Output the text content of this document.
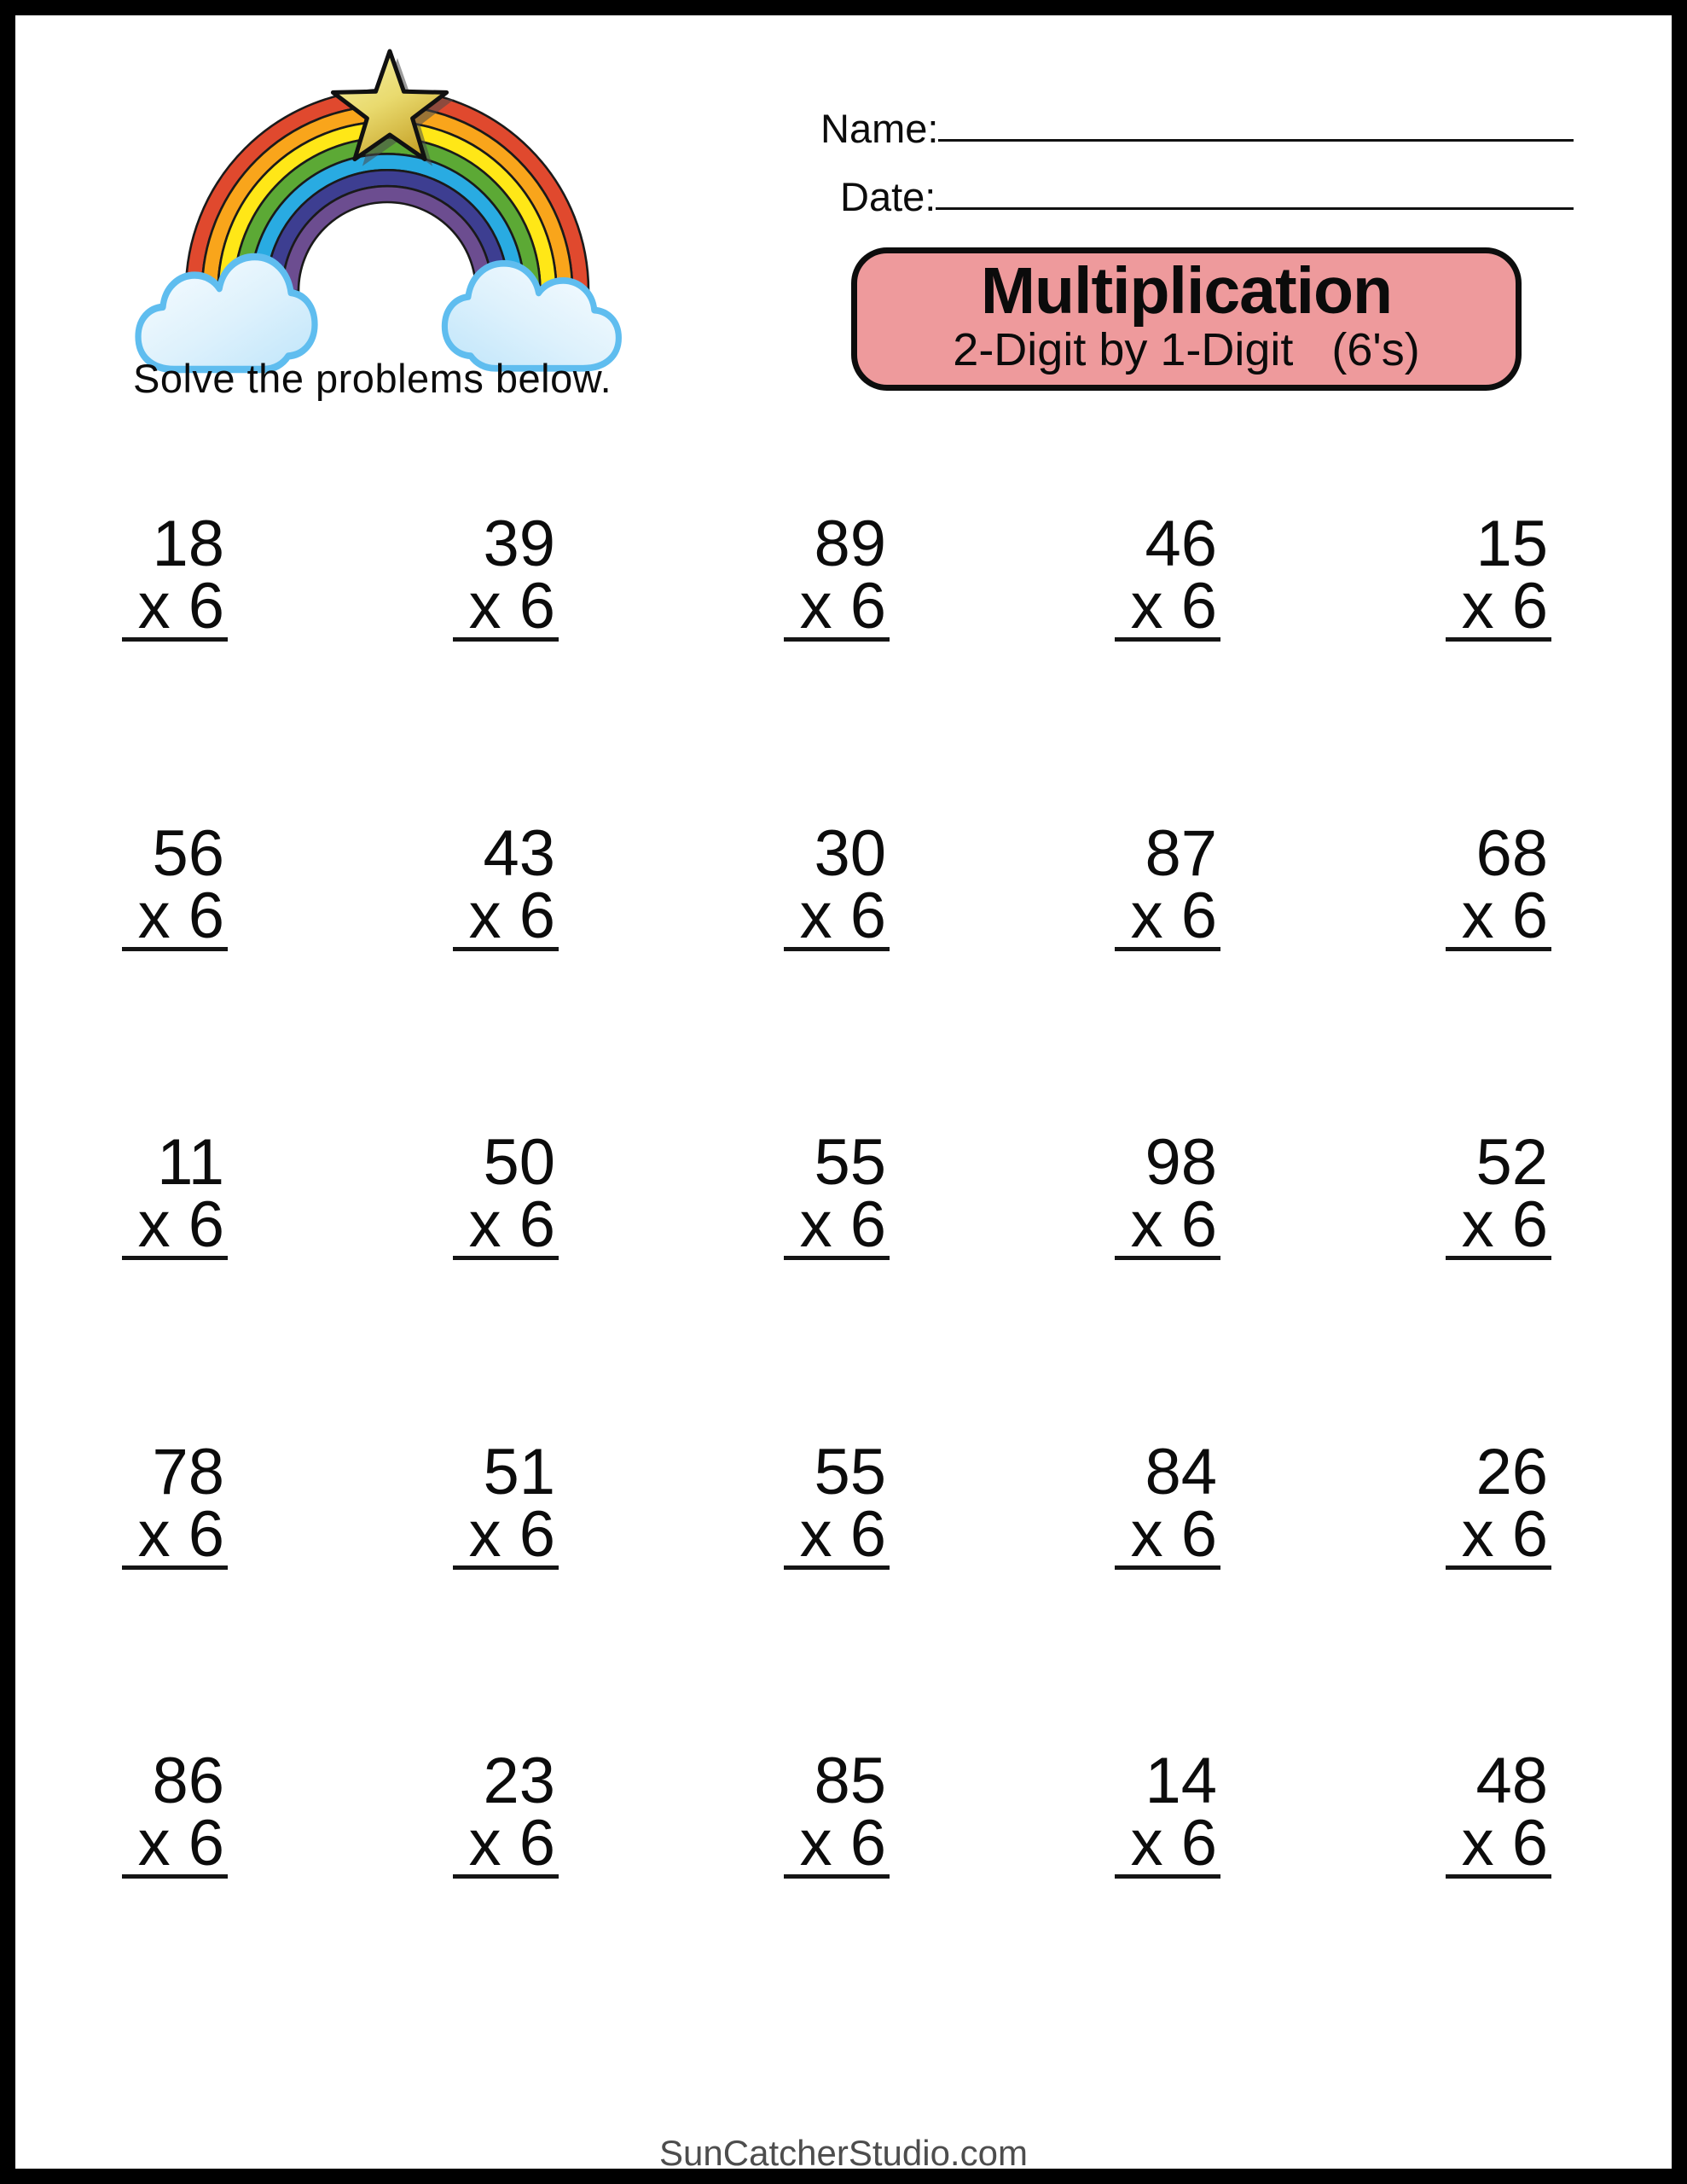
Solve the problems below.
Name:
Date:
Multiplication
2-Digit by 1-Digit   (6's)
18
x 6
39
x 6
89
x 6
46
x 6
15
x 6
56
x 6
43
x 6
30
x 6
87
x 6
68
x 6
11
x 6
50
x 6
55
x 6
98
x 6
52
x 6
78
x 6
51
x 6
55
x 6
84
x 6
26
x 6
86
x 6
23
x 6
85
x 6
14
x 6
48
x 6
SunCatcherStudio.com
